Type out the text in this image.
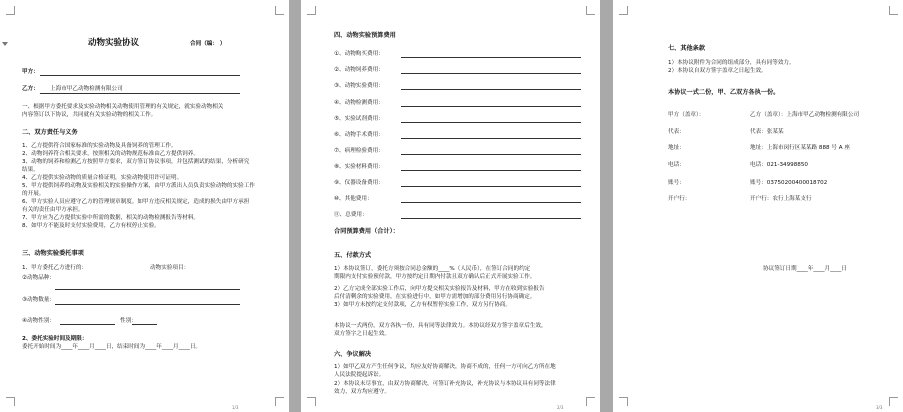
动物实验协议	合同（编： ）
甲方：
乙方： 上海市甲乙动物检测有限公司
一、根据甲方委托要求及实验动物相关动物使用管理的有关规定，就实验动物相关
内容签订以下协议，共同就有关实验动物的相关工作。
二、双方责任与义务
1、乙方提供符合国家标准的实验动物及具备饲养的管理工作。
2、动物饲养符合相关要求，按照相关的动物规范标准由乙方提供饲养。
3、动物的饲养和检测乙方按照甲方要求，双方签订协议事项，并包括测试的结果，分析研究
结果。
4、乙方提供实验动物的质量合格证明，实验动物使用许可证明。
5、甲方提供饲养的动物及实验相关的实验操作方案，由甲方派出人员负责实验动物的实验工作
的开展。
6、甲方实验人员应遵守乙方的管理规章制度。如甲方违反相关规定，造成的损失由甲方承担
有关的责任由甲方承担。
7、甲方应为乙方提供实验中所需的数据，相关的动物检测报告等材料。
8、如甲方不能及时支付实验费用，乙方有权停止实验。
三、动物实验委托事项
1、甲方委托乙方进行的：	动物实验项目：
②动物品种：
③动物数量：
④动物性别：	性别：
2、委托实验时间及期限：
委托开始时间为____年____月____日，结束时间为____年____月____日。
1/3
四、动物实验预算费用
①、动物购买费用：
②、动物饲养费用：
③、动物实验费用：
④、动物检测费用：
⑤、实验试剂费用：
⑥、动物手术费用：
⑦、病理检验费用：
⑧、实验材料费用：
⑨、仪器设备费用：
⑩、其他费用：
⑪、总费用：
合同预算费用（合计）：
五、付款方式
1）本协议签订，委托方须按合同总金额的____%（人民币），在签订合同的约定
期限内支付实验预付款，甲方按约定日期内付款且双方确认后正式开展实验工作。
2）乙方完成全部实验工作后，向甲方提交相关实验报告及材料，甲方在收到实验报告
后付清剩余的实验费用。在实验进行中，如甲方需增加的部分费用另行协商确定。
3）如甲方未按约定支付款项，乙方有权暂停实验工作，双方另行协商。
本协议一式两份，双方各执一份，具有同等法律效力。本协议经双方签字盖章后生效，
双方签字之日起生效。
六、争议解决
1）如甲乙双方产生任何争议，均应友好协商解决，协商不成的，任何一方可向乙方所在地
人民法院提起诉讼。
2）本协议未尽事宜，由双方协商解决，可签订补充协议，补充协议与本协议具有同等法律
效力，双方均应遵守。
2/3
七、其他条款
1）本协议附件为合同的组成部分，具有同等效力。
2）本协议自双方签字盖章之日起生效。
本协议一式二份，甲、乙双方各执一份。
甲方（盖章）：	乙方（盖章）：上海市甲乙动物检测有限公司
代表：	代表：张某某
地址：	地址：上海市闵行区某某路 888 号 A 座
电话：	电话：021-34998850
账号：	账号：03750200400018702
开户行：	开户行：农行上海某支行
协议签订日期____年____月____日
3/3
